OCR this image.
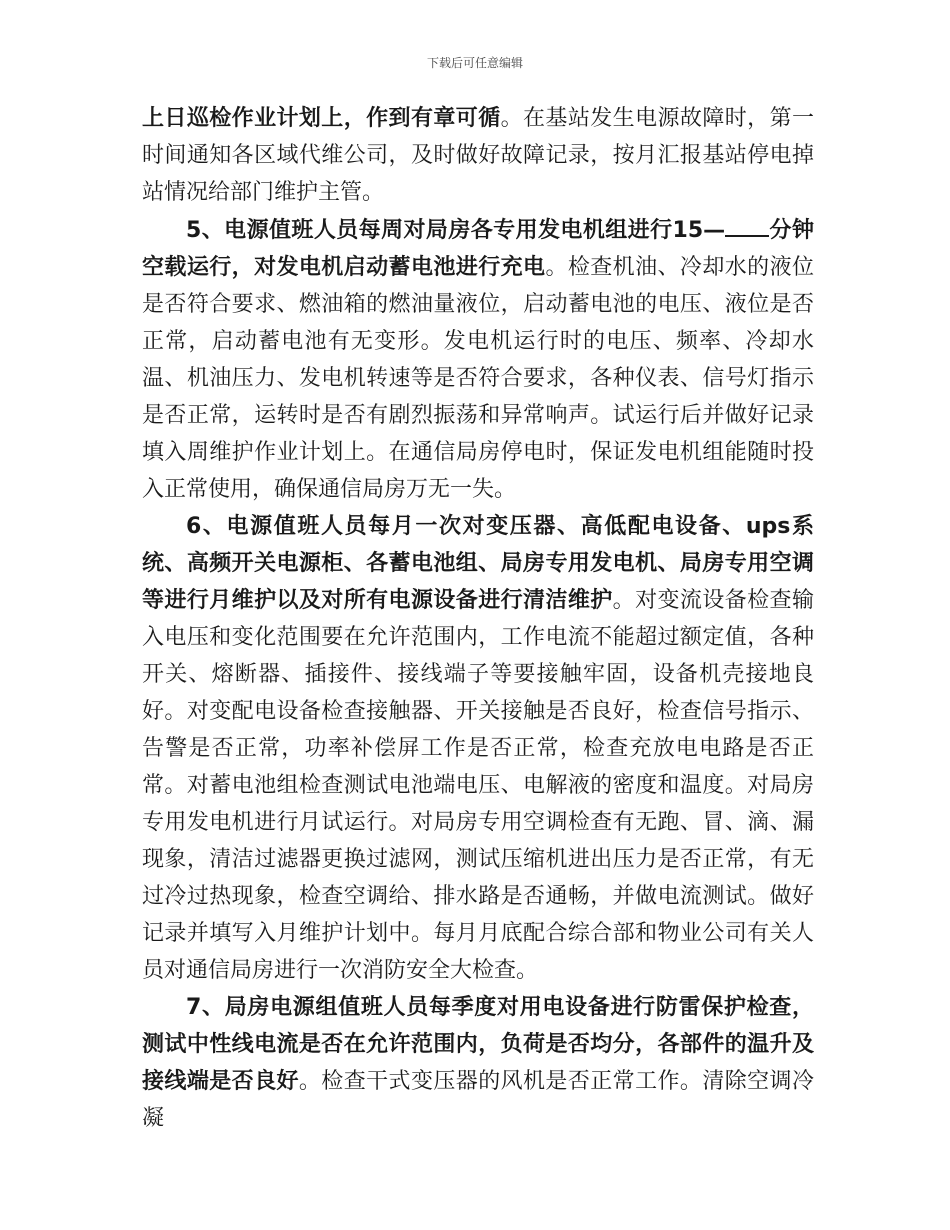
下载后可任意编辑

上日巡检作业计划上，作到有章可循。在基站发生电源故障时，第一时间通知各区域代维公司，及时做好故障记录，按月汇报基站停电掉站情况给部门维护主管。

5、电源值班人员每周对局房各专用发电机组进行15— 分钟空载运行，对发电机启动蓄电池进行充电。检查机油、冷却水的液位是否符合要求、燃油箱的燃油量液位，启动蓄电池的电压、液位是否正常，启动蓄电池有无变形。发电机运行时的电压、频率、冷却水温、机油压力、发电机转速等是否符合要求，各种仪表、信号灯指示是否正常，运转时是否有剧烈振荡和异常响声。试运行后并做好记录填入周维护作业计划上。在通信局房停电时，保证发电机组能随时投入正常使用，确保通信局房万无一失。

6、电源值班人员每月一次对变压器、高低配电设备、ups系统、高频开关电源柜、各蓄电池组、局房专用发电机、局房专用空调等进行月维护以及对所有电源设备进行清洁维护。对变流设备检查输入电压和变化范围要在允许范围内，工作电流不能超过额定值，各种开关、熔断器、插接件、接线端子等要接触牢固，设备机壳接地良好。对变配电设备检查接触器、开关接触是否良好，检查信号指示、告警是否正常，功率补偿屏工作是否正常，检查充放电电路是否正常。对蓄电池组检查测试电池端电压、电解液的密度和温度。对局房专用发电机进行月试运行。对局房专用空调检查有无跑、冒、滴、漏现象，清洁过滤器更换过滤网，测试压缩机进出压力是否正常，有无过冷过热现象，检查空调给、排水路是否通畅，并做电流测试。做好记录并填写入月维护计划中。每月月底配合综合部和物业公司有关人员对通信局房进行一次消防安全大检查。

7、局房电源组值班人员每季度对用电设备进行防雷保护检查，测试中性线电流是否在允许范围内，负荷是否均分，各部件的温升及接线端是否良好。检查干式变压器的风机是否正常工作。清除空调冷凝
